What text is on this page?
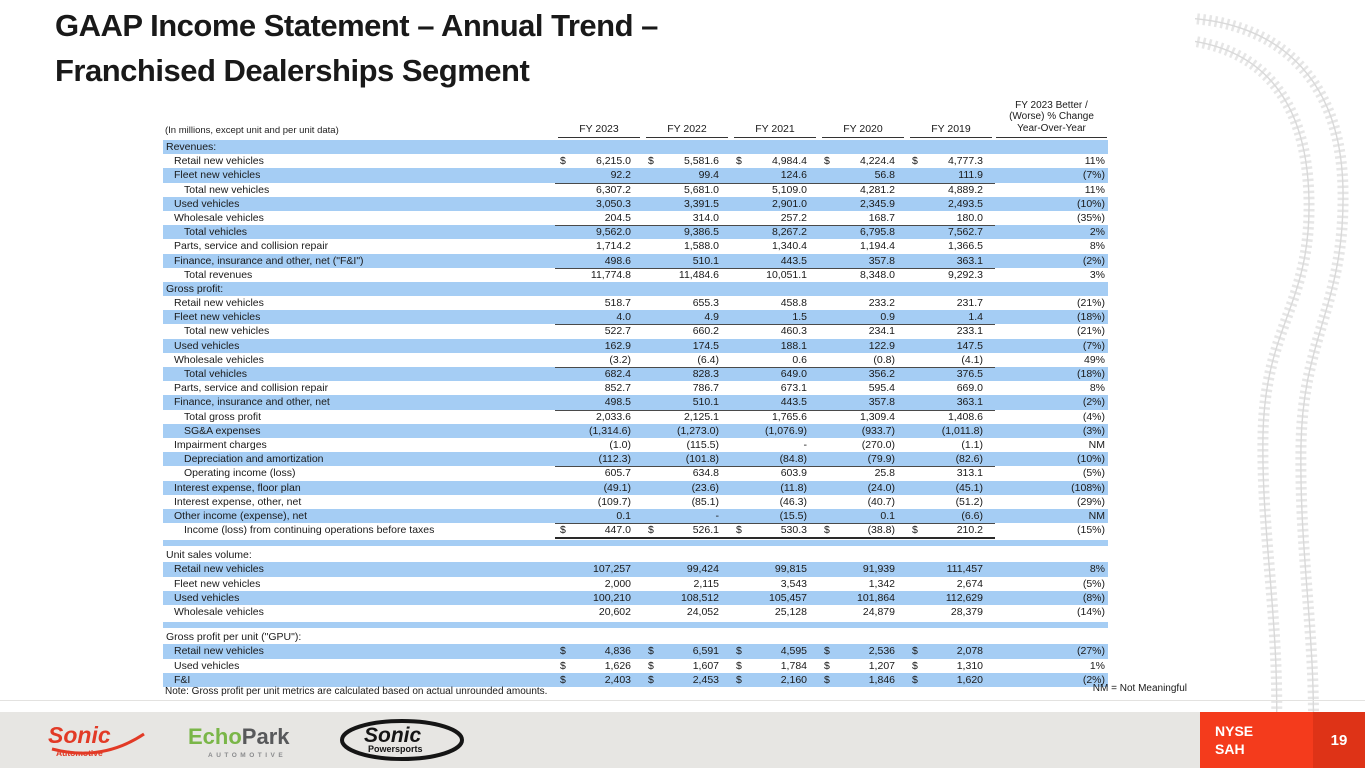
GAAP Income Statement – Annual Trend –
Franchised Dealerships Segment
(In millions, except unit and per unit data)	FY 2023	FY 2022	FY 2021	FY 2020	FY 2019
FY 2023 Better /
(Worse) % Change
Year-Over-Year
Revenues:
Retail new vehicles	$	6,215.0 $	5,581.6 $	4,984.4 $	4,224.4 $	4,777.3	11%
Fleet new vehicles	92.2	99.4	124.6	56.8	111.9	(7%)
Total new vehicles	6,307.2	5,681.0	5,109.0	4,281.2	4,889.2	11%
Used vehicles	3,050.3	3,391.5	2,901.0	2,345.9	2,493.5	(10%)
Wholesale vehicles	204.5	314.0	257.2	168.7	180.0	(35%)
Total vehicles	9,562.0	9,386.5	8,267.2	6,795.8	7,562.7	2%
Parts, service and collision repair	1,714.2	1,588.0	1,340.4	1,194.4	1,366.5	8%
Finance, insurance and other, net ("F&I")	498.6	510.1	443.5	357.8	363.1	(2%)
Total revenues	11,774.8	11,484.6	10,051.1	8,348.0	9,292.3	3%
Gross profit:
Retail new vehicles	518.7	655.3	458.8	233.2	231.7	(21%)
Fleet new vehicles	4.0	4.9	1.5	0.9	1.4	(18%)
Total new vehicles	522.7	660.2	460.3	234.1	233.1	(21%)
Used vehicles	162.9	174.5	188.1	122.9	147.5	(7%)
Wholesale vehicles	(3.2)	(6.4)	0.6	(0.8)	(4.1)	49%
Total vehicles	682.4	828.3	649.0	356.2	376.5	(18%)
Parts, service and collision repair	852.7	786.7	673.1	595.4	669.0	8%
Finance, insurance and other, net	498.5	510.1	443.5	357.8	363.1	(2%)
Total gross profit	2,033.6	2,125.1	1,765.6	1,309.4	1,408.6	(4%)
SG&A expenses	(1,314.6)	(1,273.0)	(1,076.9)	(933.7)	(1,011.8)	(3%)
Impairment charges	(1.0)	(115.5)	-	(270.0)	(1.1)	NM
Depreciation and amortization	(112.3)	(101.8)	(84.8)	(79.9)	(82.6)	(10%)
Operating income (loss)	605.7	634.8	603.9	25.8	313.1	(5%)
Interest expense, floor plan	(49.1)	(23.6)	(11.8)	(24.0)	(45.1)	(108%)
Interest expense, other, net	(109.7)	(85.1)	(46.3)	(40.7)	(51.2)	(29%)
Other income (expense), net	0.1	-	(15.5)	0.1	(6.6)	NM
Income (loss) from continuing operations before taxes	$	447.0 $	526.1 $	530.3 $	(38.8) $	210.2	(15%)
Unit sales volume:
Retail new vehicles	107,257	99,424	99,815	91,939	111,457	8%
Fleet new vehicles	2,000	2,115	3,543	1,342	2,674	(5%)
Used vehicles	100,210	108,512	105,457	101,864	112,629	(8%)
Wholesale vehicles	20,602	24,052	25,128	24,879	28,379	(14%)
Gross profit per unit ("GPU"):
Retail new vehicles	$	4,836 $	6,591 $	4,595 $	2,536 $	2,078	(27%)
Used vehicles	$	1,626 $	1,607 $	1,784 $	1,207 $	1,310	1%
F&I	$	2,403 $	2,453 $	2,160 $	1,846 $	1,620	(2%)
Note: Gross profit per unit metrics are calculated based on actual unrounded amounts.	NM = Not Meaningful
Sonic
Automotive
EchoPark
AUTOMOTIVE
Sonic
Powersports
NYSE
SAH
19
